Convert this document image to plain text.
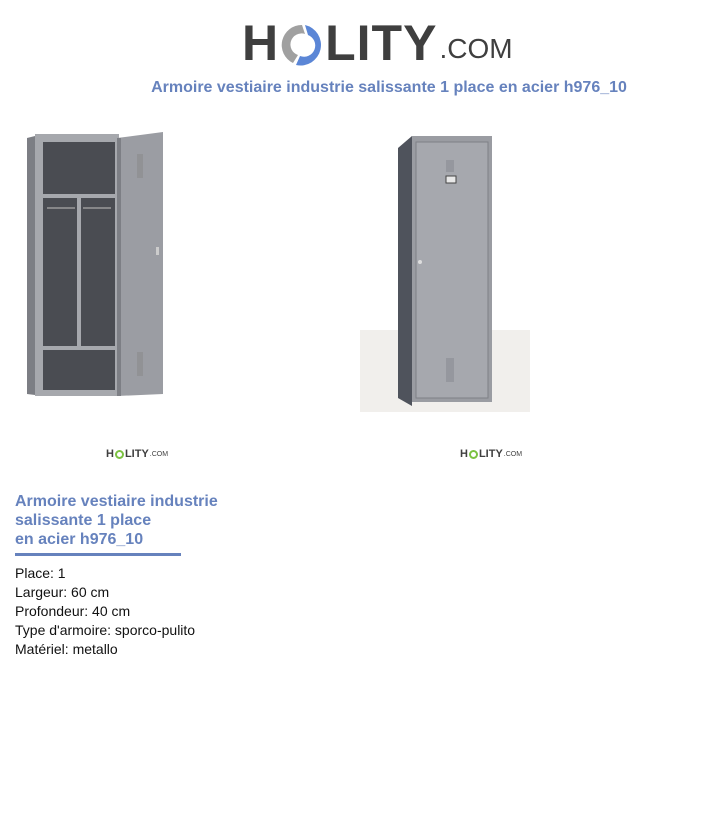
H LITY .COM
Armoire vestiaire industrie salissante 1 place en acier h976_10
H LITY .COM	H LITY .COM
Armoire vestiaire industrie
salissante 1 place
en acier h976_10
Place: 1
Largeur: 60 cm
Profondeur: 40 cm
Type d'armoire: sporco-pulito
Matériel: metallo
